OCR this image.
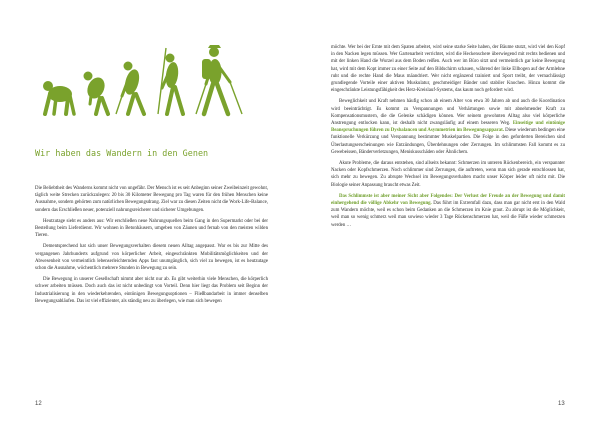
Wir haben das Wandern in den Genen

Die Beliebtheit des Wanderns kommt nicht von ungefähr. Der Mensch ist es seit Anbeginn seiner Zweibeinzeit gewohnt, täglich weite Strecken zurückzulegen: 20 bis 30 Kilometer Bewegung pro Tag waren für den frühen Menschen keine Ausnahme, sondern gehörten zum natürlichen Bewegungsdrang. Ziel war zu diesen Zeiten nicht die Work-Life-Balance, sondern das Erschließen neuer, potenziell nahrungsreicherer und sicherer Umgebungen.

Heutzutage sieht es anders aus: Wir erschließen neue Nahrungsquellen beim Gang in den Supermarkt oder bei der Bestellung beim Lieferdienst. Wir wohnen in Betonhäusern, umgeben von Zäunen und fernab von den meisten wilden Tieren.

Dementsprechend hat sich unser Bewegungsverhalten diesem neuen Alltag angepasst. War es bis zur Mitte des vergangenen Jahrhunderts aufgrund von körperlicher Arbeit, eingeschränkten Mobilitätsmöglichkeiten und der Abwesenheit von vermeintlich lebenserleichternden Apps fast unumgänglich, sich viel zu bewegen, ist es heutzutage schon die Ausnahme, wöchentlich mehrere Stunden in Bewegung zu sein.

Die Bewegung in unserer Gesellschaft nimmt aber nicht nur ab. Es gibt weiterhin viele Menschen, die körperlich schwer arbeiten müssen. Doch auch das ist nicht unbedingt von Vorteil. Denn hier liegt das Problem seit Beginn der Industrialisierung in den wiederkehrenden, eintönigen Bewegungsoptionen – Fließbandarbeit in immer denselben Bewegungsabläufen. Das ist viel effizienter, als ständig neu zu überlegen, wie man sich bewegen

12

möchte. Wer bei der Ernte mit dem Spaten arbeitet, wird seine starke Seite haben, der Bäume stutzt, wird viel den Kopf in den Nacken legen müssen. Wer Gartenarbeit verrichtet, wird die Heckenschere überwiegend mit rechts bedienen und mit der linken Hand die Wurzel aus dem Boden reißen. Auch wer im Büro sitzt und vermeintlich gar keine Bewegung hat, wird mit dem Kopt immer zu einer Seite auf den Bildschirm schauen, während der linke Ellbogen auf der Armlehne ruht und die rechte Hand die Maus mäandriert. Wer nicht ergänzend trainiert und Sport treibt, der vernachlässigt grundlegende Vorteile einer aktiven Muskulatur, geschmeidiger Bänder und stabiler Knochen. Hinzu kommt die eingeschränkte Leistungsfähigkeit des Herz-Kreislauf-Systems, das kaum noch gefordert wird.

Beweglichkeit und Kraft nehmen häufig schon ab einem Alter von etwa 30 Jahren ab und auch die Koordination wird beeinträchtigt. Es kommt zu Verspannungen und Verhärtungen sowie mit abnehmender Kraft zu Kompensationsmustern, die die Gelenke schädigen können. Wer seinem gewohnten Alltag also viel körperliche Anstrengung entlocken kann, ist deshalb nicht zwangsläufig auf einem besseren Weg. Einseitige und eintönige Beanspruchungen führen zu Dysbalancen und Asymmetrien im Bewegungsapparat. Diese wiederum bedingen eine funktionelle Verkürzung und Verspannung bestimmter Muskelpartien. Die Folge in den geforderten Bereichen sind Überlastungserscheinungen wie Entzündungen, Überdehnungen oder Zerrungen. Im schlimmsten Fall kommt es zu Gewebeissen, Bänderverletzungen, Meniskusschäden oder Ähnlichem.

Akute Probleme, die daraus entstehen, sind allseits bekannt: Schmerzen im unteren Rückenbereich, ein verspannter Nacken oder Kopfschmerzen. Noch schlimmer sind Zerrungen, die auftreten, wenn man sich gerade entschlossen hat, sich mehr zu bewegen. Zu abrupte Wechsel im Bewegungsverhalten macht unser Körper leider oft nicht mit. Die Biologie seiner Anpassung braucht etwas Zeit.

Das Schlimmste ist aber meiner Sicht aber Folgendes: Der Verlust der Freude an der Bewegung und damit einhergehend die völlige Abkehr von Bewegung. Das führt im Extremfall dazu, dass man gar nicht erst in den Wald zum Wandern möchte, weil es schon beim Gedanken an die Schmerzen im Knie graut. Zu abrupt ist die Möglichkeit, weil man so wenig schmerz weil man sowieso wieder 3 Tage Rückenschmerzen hat, weil die Füße wieder schmerzen werden …

13
